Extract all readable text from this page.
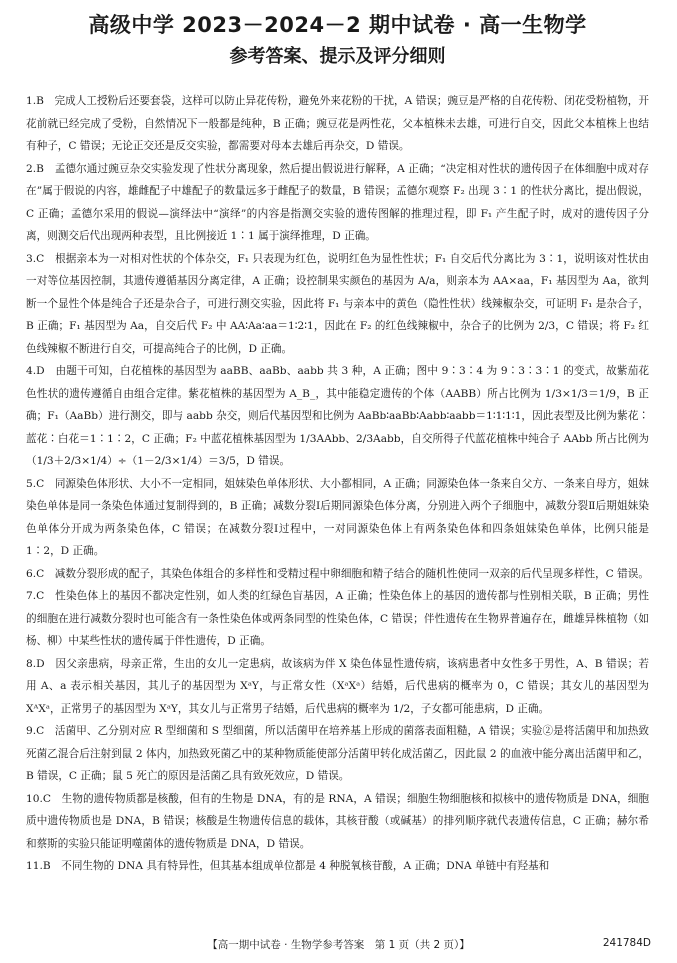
高级中学 2023－2024－2 期中试卷 · 高一生物学
参考答案、提示及评分细则

1.B　完成人工授粉后还要套袋，这样可以防止异花传粉，避免外来花粉的干扰，A 错误；豌豆是严格的自花传粉、闭花受粉植物，开花前就已经完成了受粉，自然情况下一般都是纯种，B 正确；豌豆花是两性花，父本植株未去雄，可进行自交，因此父本植株上也结有种子，C 错误；无论正交还是反交实验，都需要对母本去雄后再杂交，D 错误。

2.B　孟德尔通过豌豆杂交实验发现了性状分离现象，然后提出假说进行解释，A 正确；“决定相对性状的遗传因子在体细胞中成对存在”属于假说的内容，雄雌配子中雄配子的数量远多于雌配子的数量，B 错误；孟德尔观察 F₂ 出现 3∶1 的性状分离比，提出假说，C 正确；孟德尔采用的假说—演绎法中“演绎”的内容是指测交实验的遗传图解的推理过程，即 F₁ 产生配子时，成对的遗传因子分离，则测交后代出现两种表型，且比例接近 1∶1 属于演绎推理，D 正确。

3.C　根据亲本为一对相对性状的个体杂交，F₁ 只表现为红色，说明红色为显性性状；F₁ 自交后代分离比为 3∶1，说明该对性状由一对等位基因控制，其遗传遵循基因分离定律，A 正确；设控制果实颜色的基因为 A/a，则亲本为 AA×aa，F₁ 基因型为 Aa，欲判断一个显性个体是纯合子还是杂合子，可进行测交实验，因此将 F₁ 与亲本中的黄色（隐性性状）线辣椒杂交，可证明 F₁ 是杂合子，B 正确；F₁ 基因型为 Aa，自交后代 F₂ 中 AA∶Aa∶aa＝1∶2∶1，因此在 F₂ 的红色线辣椒中，杂合子的比例为 2/3，C 错误；将 F₂ 红色线辣椒不断进行自交，可提高纯合子的比例，D 正确。

4.D　由题干可知，白花植株的基因型为 aaBB、aaBb、aabb 共 3 种，A 正确；图中 9∶3∶4 为 9∶3∶3∶1 的变式，故紫茄花色性状的遗传遵循自由组合定律。紫花植株的基因型为 A_B_，其中能稳定遗传的个体（AABB）所占比例为 1/3×1/3＝1/9，B 正确；F₁（AaBb）进行测交，即与 aabb 杂交，则后代基因型和比例为 AaBb∶aaBb∶Aabb∶aabb＝1∶1∶1∶1，因此表型及比例为紫花∶蓝花∶白花＝1∶1∶2，C 正确；F₂ 中蓝花植株基因型为 1/3AAbb、2/3Aabb，自交所得子代蓝花植株中纯合子 AAbb 所占比例为（1/3＋2/3×1/4）÷（1－2/3×1/4）＝3/5，D 错误。

5.C　同源染色体形状、大小不一定相同，姐妹染色单体形状、大小都相同，A 正确；同源染色体一条来自父方、一条来自母方，姐妹染色单体是同一条染色体通过复制得到的，B 正确；减数分裂Ⅰ后期同源染色体分离，分别进入两个子细胞中，减数分裂Ⅱ后期姐妹染色单体分开成为两条染色体，C 错误；在减数分裂Ⅰ过程中，一对同源染色体上有两条染色体和四条姐妹染色单体，比例只能是 1∶2，D 正确。

6.C　减数分裂形成的配子，其染色体组合的多样性和受精过程中卵细胞和精子结合的随机性使同一双亲的后代呈现多样性，C 错误。

7.C　性染色体上的基因不都决定性别，如人类的红绿色盲基因，A 正确；性染色体上的基因的遗传都与性别相关联，B 正确；男性的细胞在进行减数分裂时也可能含有一条性染色体或两条同型的性染色体，C 错误；伴性遗传在生物界普遍存在，雌雄异株植物（如杨、柳）中某些性状的遗传属于伴性遗传，D 正确。

8.D　因父亲患病，母亲正常，生出的女儿一定患病，故该病为伴 X 染色体显性遗传病，该病患者中女性多于男性，A、B 错误；若用 A、a 表示相关基因，其儿子的基因型为 XᵃY，与正常女性（XᵃXᵃ）结婚，后代患病的概率为 0，C 错误；其女儿的基因型为 XᴬXᵃ，正常男子的基因型为 XᵃY，其女儿与正常男子结婚，后代患病的概率为 1/2，子女都可能患病，D 正确。

9.C　活菌甲、乙分别对应 R 型细菌和 S 型细菌，所以活菌甲在培养基上形成的菌落表面粗糙，A 错误；实验②是将活菌甲和加热致死菌乙混合后注射到鼠 2 体内，加热致死菌乙中的某种物质能使部分活菌甲转化成活菌乙，因此鼠 2 的血液中能分离出活菌甲和乙，B 错误，C 正确；鼠 5 死亡的原因是活菌乙具有致死效应，D 错误。

10.C　生物的遗传物质都是核酸，但有的生物是 DNA，有的是 RNA，A 错误；细胞生物细胞核和拟核中的遗传物质是 DNA，细胞质中遗传物质也是 DNA，B 错误；核酸是生物遗传信息的载体，其核苷酸（或碱基）的排列顺序就代表遗传信息，C 正确；赫尔希和蔡斯的实验只能证明噬菌体的遗传物质是 DNA，D 错误。

11.B　不同生物的 DNA 具有特异性，但其基本组成单位都是 4 种脱氧核苷酸，A 正确；DNA 单链中有羟基和

【高一期中试卷 · 生物学参考答案　第 1 页（共 2 页）】	241784D
